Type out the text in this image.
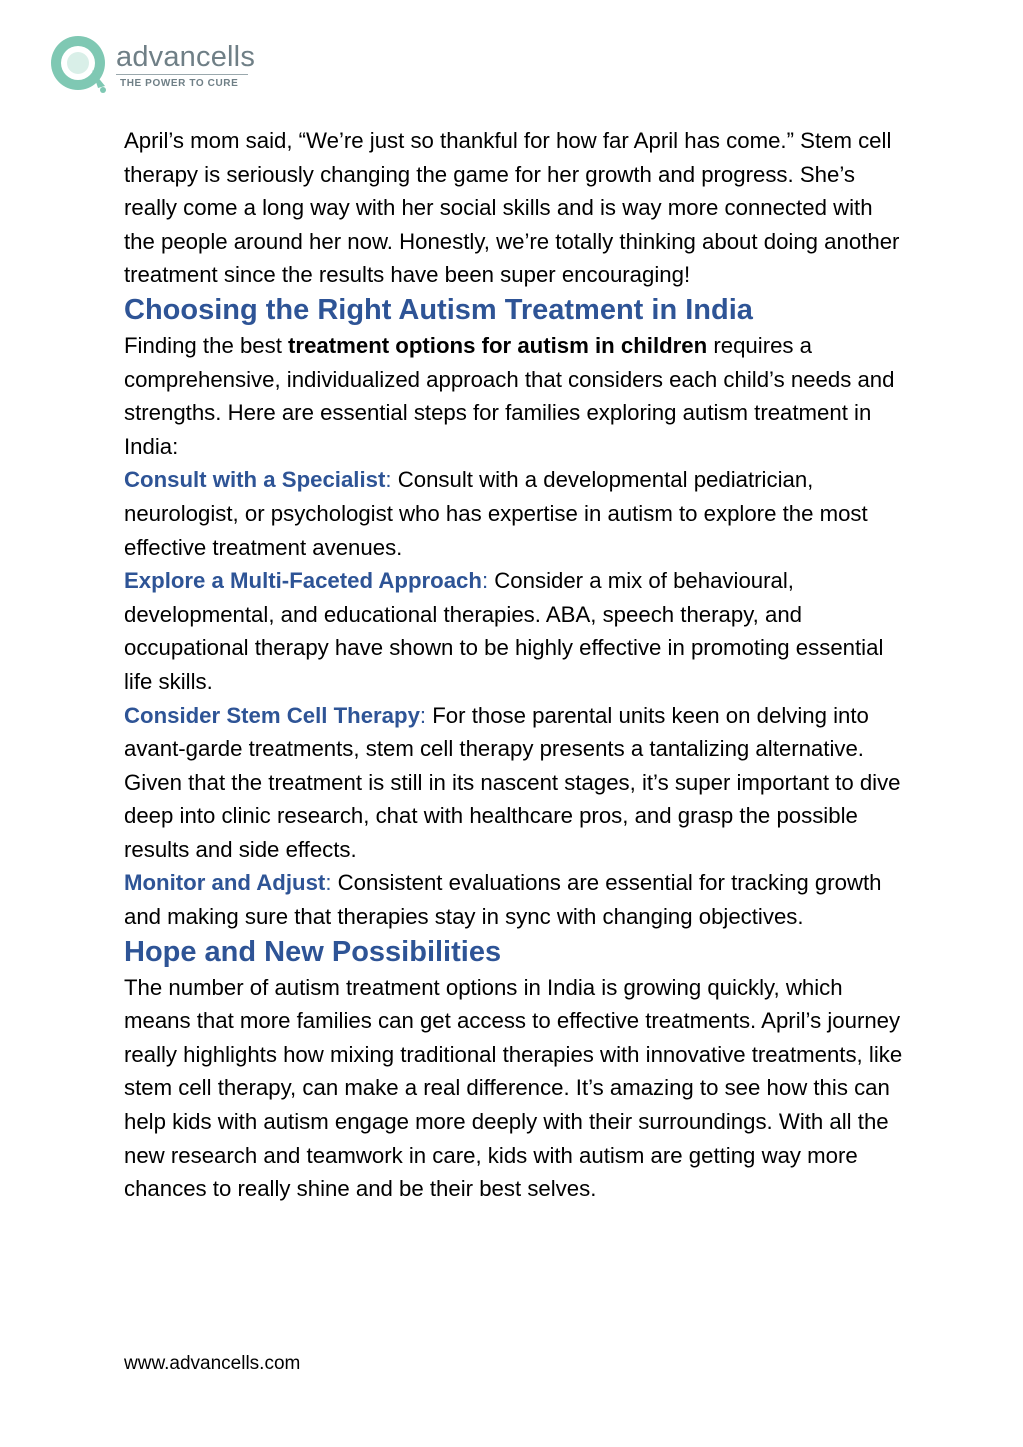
advancells
THE POWER TO CURE

April’s mom said, “We’re just so thankful for how far April has come.” Stem cell therapy is seriously changing the game for her growth and progress. She’s really come a long way with her social skills and is way more connected with the people around her now. Honestly, we’re totally thinking about doing another treatment since the results have been super encouraging!

Choosing the Right Autism Treatment in India

Finding the best treatment options for autism in children requires a comprehensive, individualized approach that considers each child’s needs and strengths. Here are essential steps for families exploring autism treatment in India:

Consult with a Specialist: Consult with a developmental pediatrician, neurologist, or psychologist who has expertise in autism to explore the most effective treatment avenues.

Explore a Multi-Faceted Approach: Consider a mix of behavioural, developmental, and educational therapies. ABA, speech therapy, and occupational therapy have shown to be highly effective in promoting essential life skills.

Consider Stem Cell Therapy: For those parental units keen on delving into avant-garde treatments, stem cell therapy presents a tantalizing alternative. Given that the treatment is still in its nascent stages, it’s super important to dive deep into clinic research, chat with healthcare pros, and grasp the possible results and side effects.

Monitor and Adjust: Consistent evaluations are essential for tracking growth and making sure that therapies stay in sync with changing objectives.

Hope and New Possibilities

The number of autism treatment options in India is growing quickly, which means that more families can get access to effective treatments. April’s journey really highlights how mixing traditional therapies with innovative treatments, like stem cell therapy, can make a real difference. It’s amazing to see how this can help kids with autism engage more deeply with their surroundings. With all the new research and teamwork in care, kids with autism are getting way more chances to really shine and be their best selves.

www.advancells.com
